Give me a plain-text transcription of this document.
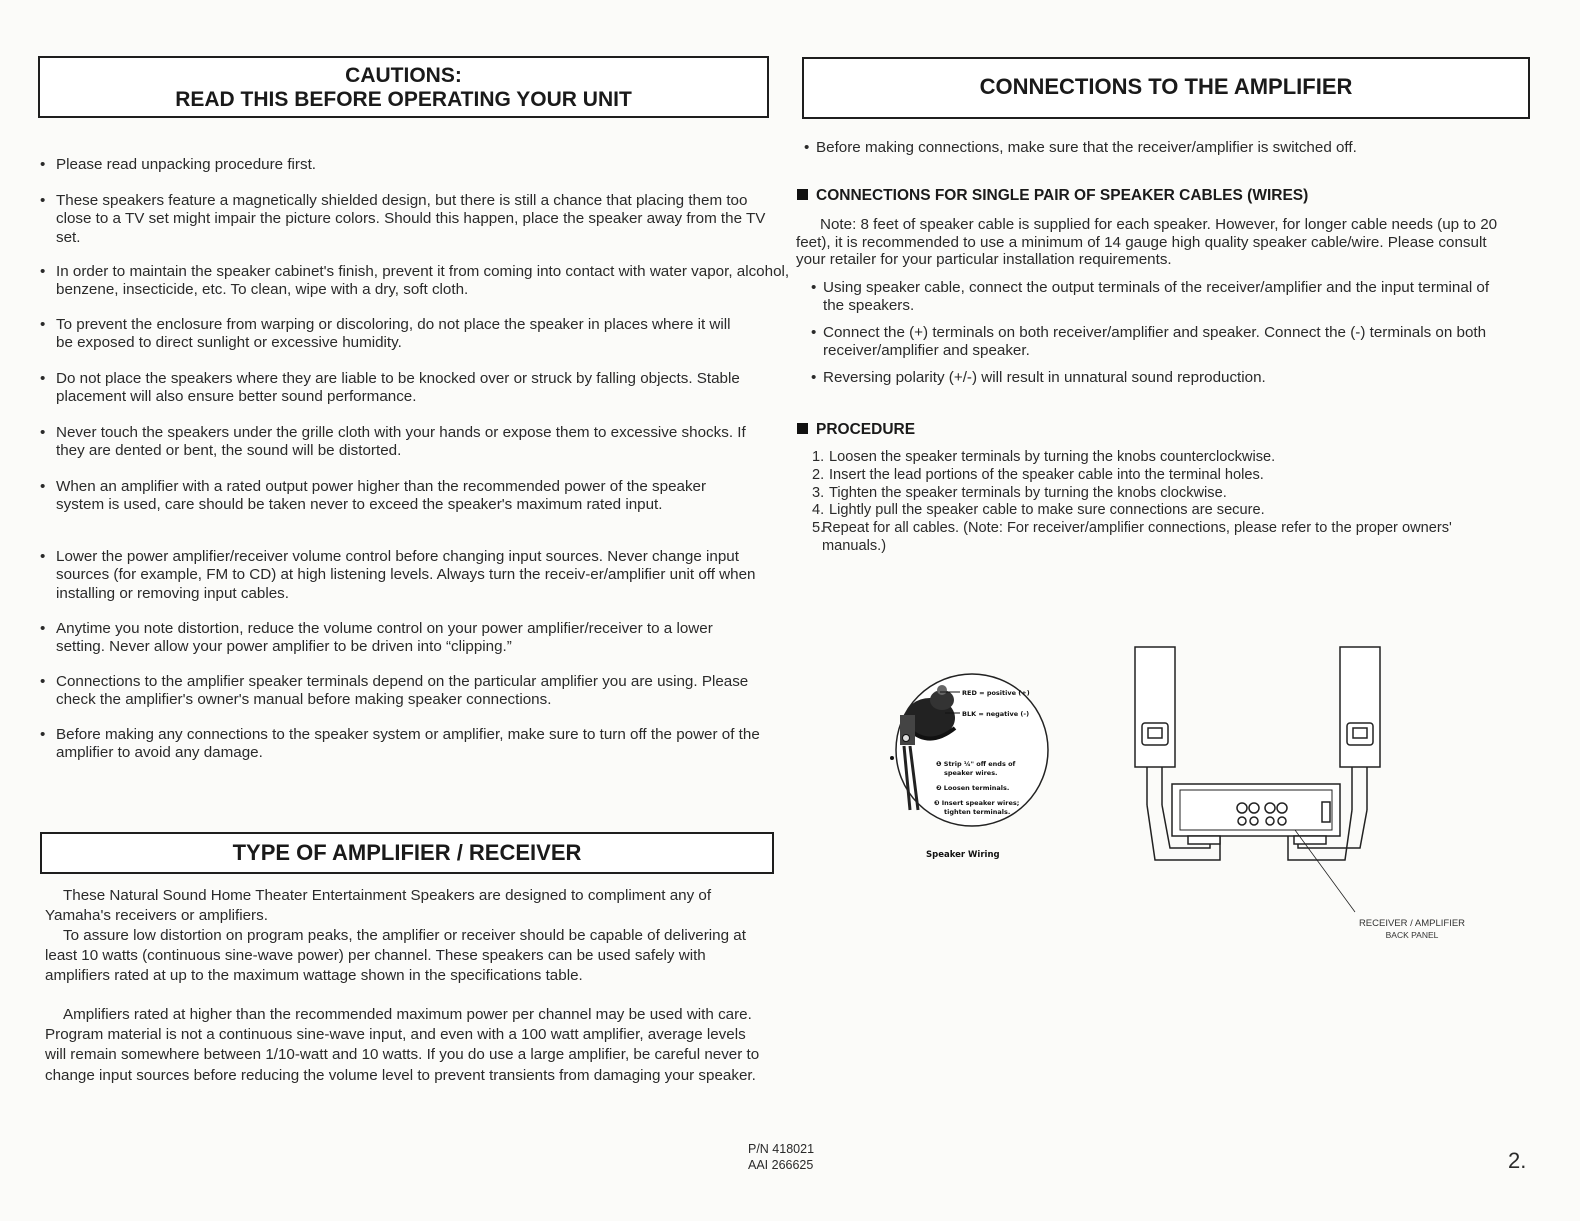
CAUTIONS:
READ THIS BEFORE OPERATING YOUR UNIT
• Please read unpacking procedure first.
• These speakers feature a magnetically shielded design, but there is still a chance that placing them too close to a TV set might impair the picture colors. Should this happen, place the speaker away from the TV set.
• In order to maintain the speaker cabinet's finish, prevent it from coming into contact with water vapor, alcohol, benzene, insecticide, etc. To clean, wipe with a dry, soft cloth.
• To prevent the enclosure from warping or discoloring, do not place the speaker in places where it will be exposed to direct sunlight or excessive humidity.
• Do not place the speakers where they are liable to be knocked over or struck by falling objects. Stable placement will also ensure better sound performance.
• Never touch the speakers under the grille cloth with your hands or expose them to excessive shocks. If they are dented or bent, the sound will be distorted.
• When an amplifier with a rated output power higher than the recommended power of the speaker system is used, care should be taken never to exceed the speaker's maximum rated input.
• Lower the power amplifier/receiver volume control before changing input sources. Never change input sources (for example, FM to CD) at high listening levels. Always turn the receiv-er/amplifier unit off when installing or removing input cables.
• Anytime you note distortion, reduce the volume control on your power amplifier/receiver to a lower setting. Never allow your power amplifier to be driven into “clipping.”
• Connections to the amplifier speaker terminals depend on the particular amplifier you are using. Please check the amplifier's owner's manual before making speaker connections.
• Before making any connections to the speaker system or amplifier, make sure to turn off the power of the amplifier to avoid any damage.
TYPE OF AMPLIFIER / RECEIVER
These Natural Sound Home Theater Entertainment Speakers are designed to compliment any of Yamaha's receivers or amplifiers.
To assure low distortion on program peaks, the amplifier or receiver should be capable of delivering at least 10 watts (continuous sine-wave power) per channel. These speakers can be used safely with amplifiers rated at up to the maximum wattage shown in the specifications table.
Amplifiers rated at higher than the recommended maximum power per channel may be used with care. Program material is not a continuous sine-wave input, and even with a 100 watt amplifier, average levels will remain somewhere between 1/10-watt and 10 watts. If you do use a large amplifier, be careful never to change input sources before reducing the volume level to prevent transients from damaging your speaker.
CONNECTIONS TO THE AMPLIFIER
• Before making connections, make sure that the receiver/amplifier is switched off.
CONNECTIONS FOR SINGLE PAIR OF SPEAKER CABLES (WIRES)
Note: 8 feet of speaker cable is supplied for each speaker. However, for longer cable needs (up to 20 feet), it is recommended to use a minimum of 14 gauge high quality speaker cable/wire. Please consult your retailer for your particular installation requirements.
• Using speaker cable, connect the output terminals of the receiver/amplifier and the input terminal of the speakers.
• Connect the (+) terminals on both receiver/amplifier and speaker. Connect the (-) terminals on both receiver/amplifier and speaker.
• Reversing polarity (+/-) will result in unnatural sound reproduction.
PROCEDURE
1. Loosen the speaker terminals by turning the knobs counterclockwise.
2. Insert the lead portions of the speaker cable into the terminal holes.
3. Tighten the speaker terminals by turning the knobs clockwise.
4. Lightly pull the speaker cable to make sure connections are secure.
5.
Repeat for all cables. (Note: For receiver/amplifier connections, please refer to the proper owners' manuals.)
RED = positive (+)
BLK = negative (-)
❶ Strip ¼" off ends of
speaker wires.
❷ Loosen terminals.
❸ Insert speaker wires;
tighten terminals.
Speaker Wiring
RECEIVER / AMPLIFIER
BACK PANEL
P/N 418021
AAI 266625	2.
